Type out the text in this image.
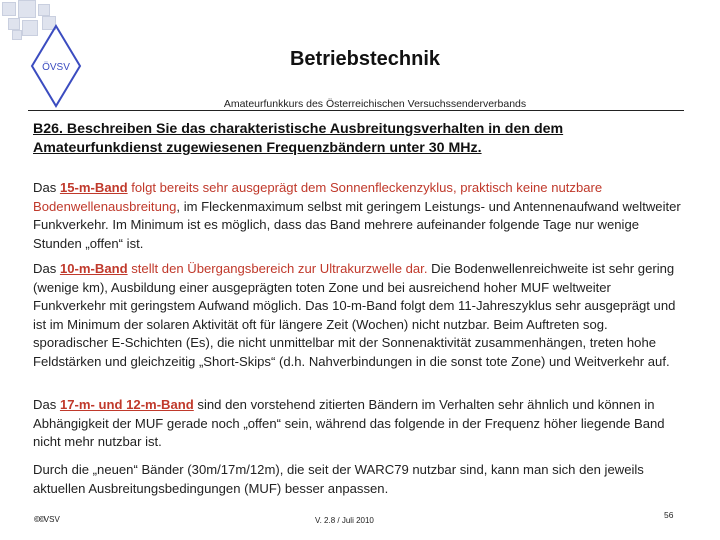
ÖVSV	Betriebstechnik
Amateurfunkkurs des Österreichischen Versuchssenderverbands
B26. Beschreiben Sie das charakteristische Ausbreitungsverhalten in den dem Amateurfunkdienst zugewiesenen Frequenzbändern unter 30 MHz.
Das 15-m-Band folgt bereits sehr ausgeprägt dem Sonnenfleckenzyklus, praktisch keine nutzbare Bodenwellenausbreitung, im Fleckenmaximum selbst mit geringem Leistungs- und Antennenaufwand weltweiter Funkverkehr. Im Minimum ist es möglich, dass das Band mehrere aufeinander folgende Tage nur wenige Stunden „offen“ ist.
Das 10-m-Band stellt den Übergangsbereich zur Ultrakurzwelle dar. Die Bodenwellenreichweite ist sehr gering (wenige km), Ausbildung einer ausgeprägten toten Zone und bei ausreichend hoher MUF weltweiter Funkverkehr mit geringstem Aufwand möglich. Das 10-m-Band folgt dem 11-Jahreszyklus sehr ausgeprägt und ist im Minimum der solaren Aktivität oft für längere Zeit (Wochen) nicht nutzbar. Beim Auftreten sog. sporadischer E-Schichten (Es), die nicht unmittelbar mit der Sonnenaktivität zusammenhängen, treten hohe Feldstärken und gleichzeitig „Short-Skips“ (d.h. Nahverbindungen in die sonst tote Zone) und Weitverkehr auf.
Das 17-m- und 12-m-Band sind den vorstehend zitierten Bändern im Verhalten sehr ähnlich und können in Abhängigkeit der MUF gerade noch „offen“ sein, während das folgende in der Frequenz höher liegende Band nicht mehr nutzbar ist.
Durch die „neuen“ Bänder (30m/17m/12m), die seit der WARC79 nutzbar sind, kann man sich den jeweils aktuellen Ausbreitungsbedingungen (MUF) besser anpassen.
©©VSV	V. 2.8 / Juli 2010
56
